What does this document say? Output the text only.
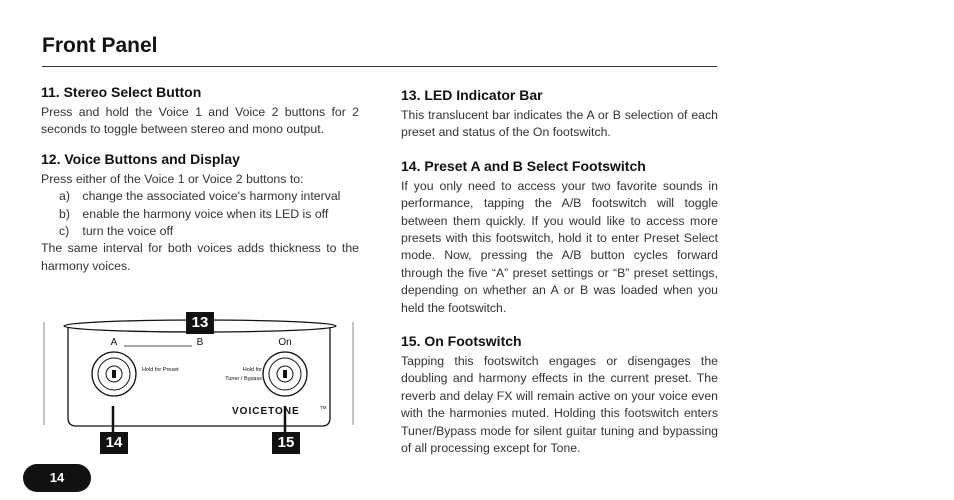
Front Panel
11. Stereo Select Button

Press and hold the Voice 1 and Voice 2 buttons for 2 seconds to toggle between stereo and mono output.

12. Voice Buttons and Display

Press either of the Voice 1 or Voice 2 buttons to:

a) change the associated voice's harmony interval
b) enable the harmony voice when its LED is off
c) turn the voice off

The same interval for both voices adds thickness to the harmony voices.

13. LED Indicator Bar

This translucent bar indicates the A or B selection of each preset and status of the On footswitch.

14. Preset A and B Select Footswitch

If you only need to access your two favorite sounds in performance, tapping the A/B footswitch will toggle between them quickly. If you would like to access more presets with this footswitch, hold it to enter Preset Select mode. Now, pressing the A/B button cycles forward through the five “A” preset settings or “B” preset settings, depending on whether an A or B was loaded when you held the footswitch.

15. On Footswitch

Tapping this footswitch engages or disengages the doubling and harmony effects in the current preset. The reverb and delay FX will remain active on your voice even with the harmonies muted. Holding this footswitch enters Tuner/Bypass mode for silent guitar tuning and bypassing of all processing except for Tone.

A	B	On
Hold for Preset	Hold for
Tuner / Bypass
VOICETONE	TM
13
14	15
14
